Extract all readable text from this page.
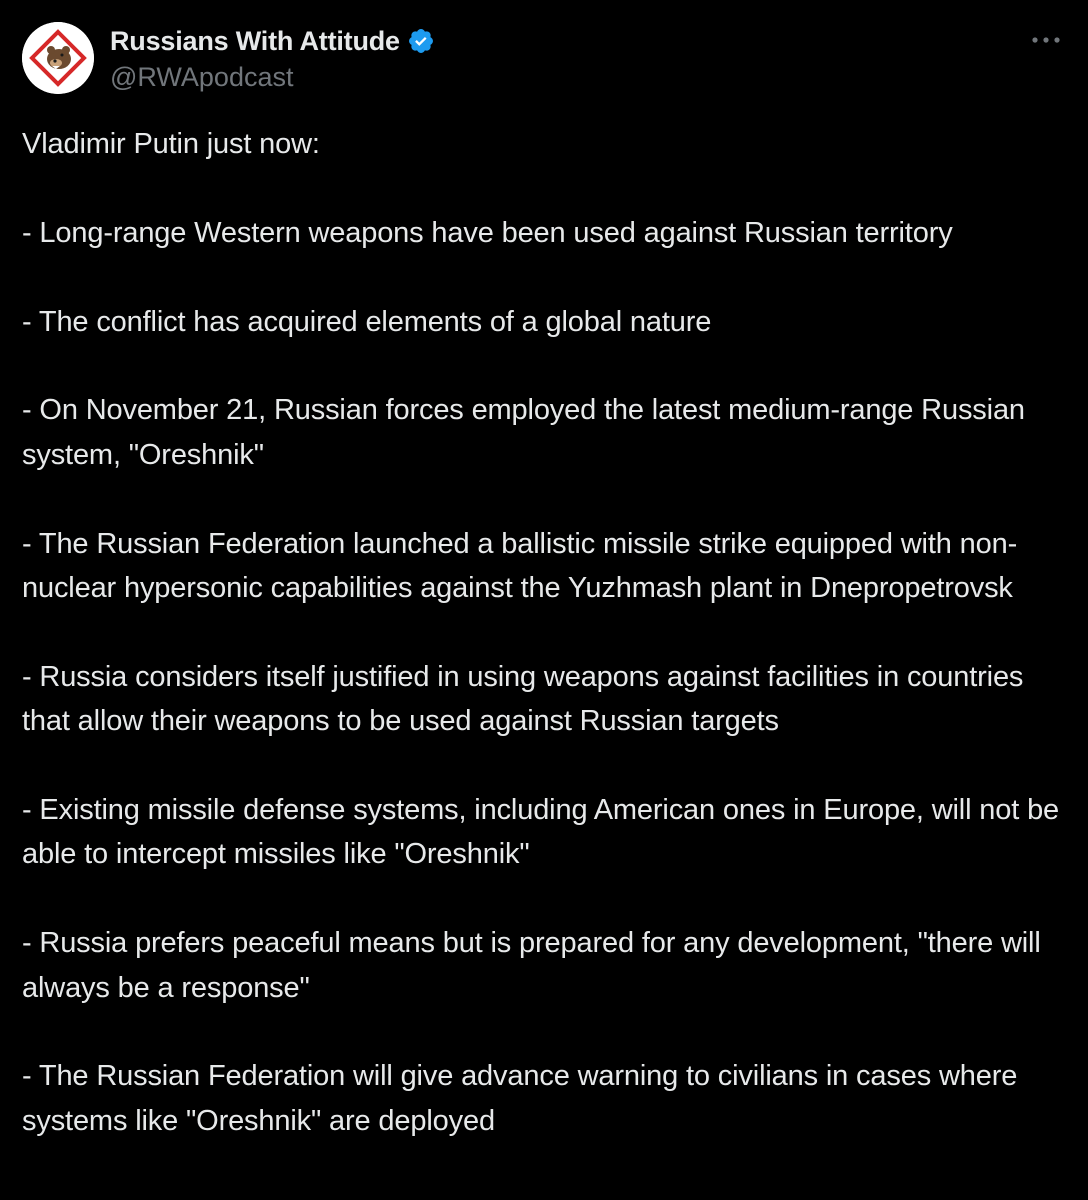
Russians With Attitude
@RWApodcast

Vladimir Putin just now:

- Long-range Western weapons have been used against Russian territory

- The conflict has acquired elements of a global nature

- On November 21, Russian forces employed the latest medium-range Russian system, "Oreshnik"

- The Russian Federation launched a ballistic missile strike equipped with non-nuclear hypersonic capabilities against the Yuzhmash plant in Dnepropetrovsk

- Russia considers itself justified in using weapons against facilities in countries that allow their weapons to be used against Russian targets

- Existing missile defense systems, including American ones in Europe, will not be able to intercept missiles like "Oreshnik"

- Russia prefers peaceful means but is prepared for any development, "there will always be a response"

- The Russian Federation will give advance warning to civilians in cases where systems like "Oreshnik" are deployed
